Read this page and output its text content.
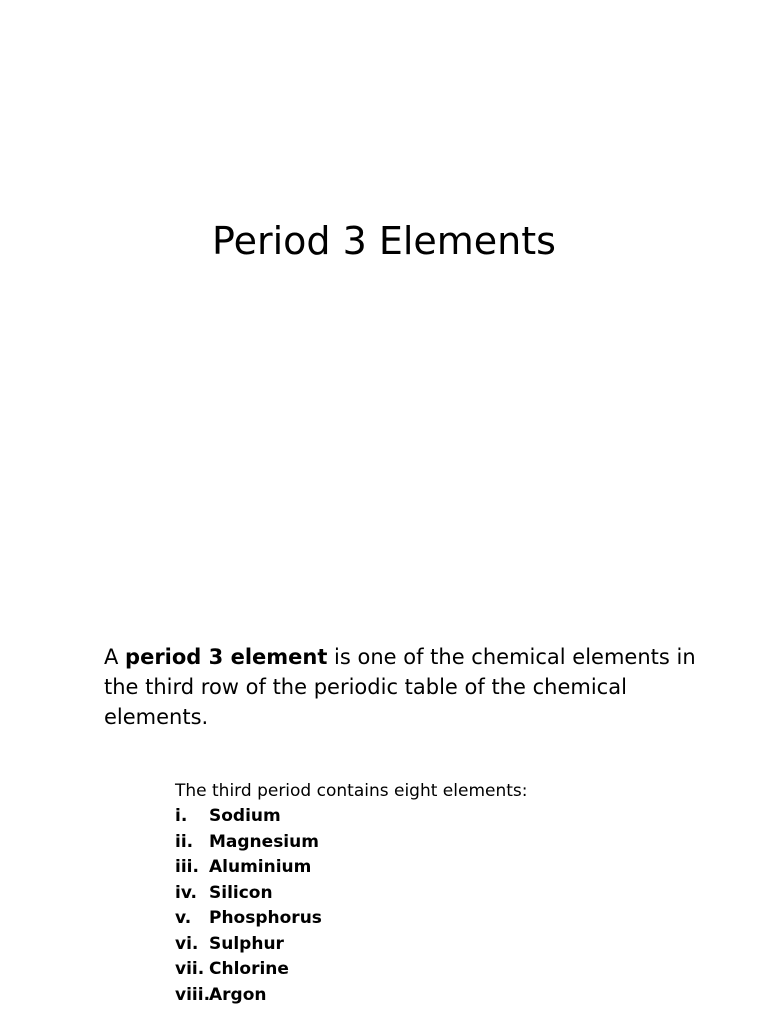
Period 3 Elements

A period 3 element is one of the chemical elements in the third row of the periodic table of the chemical elements.

The third period contains eight elements:

i.	Sodium
ii. Magnesium
iii. Aluminium
iv. Silicon
v.	Phosphorus
vi. Sulphur
vii. Chlorine
viii.
Argon
